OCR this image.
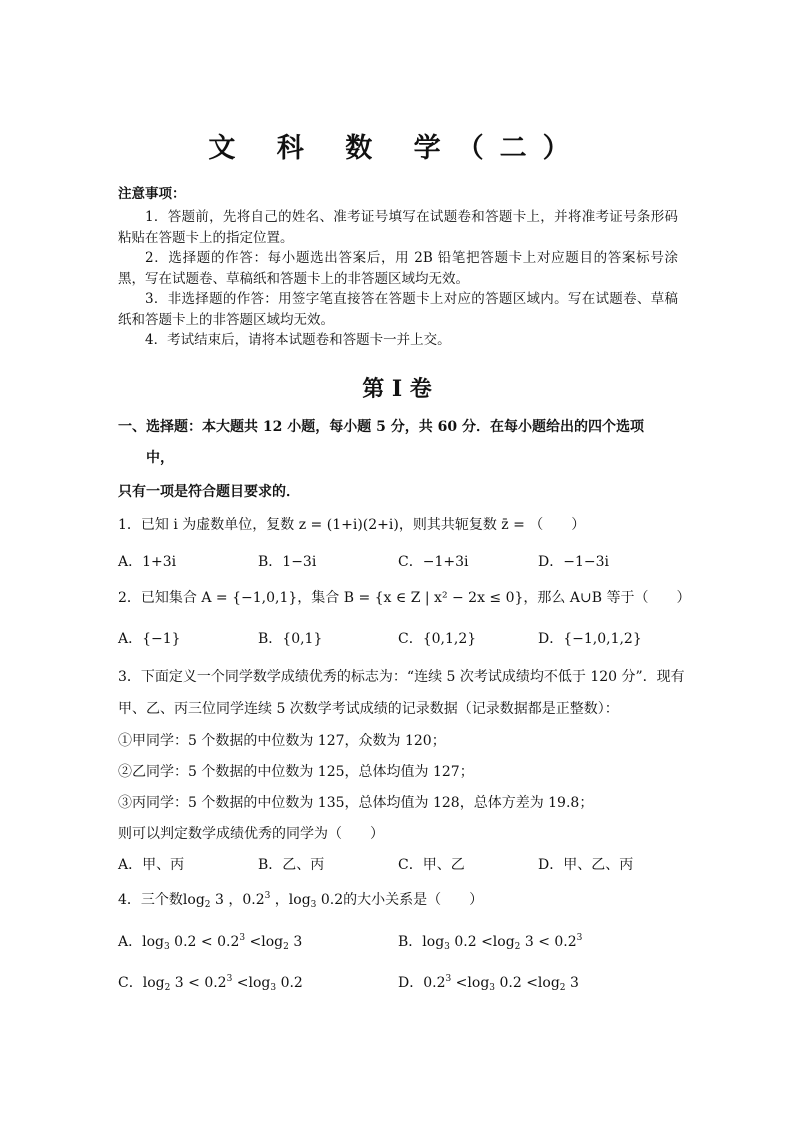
文 科 数 学（二）
注意事项：
1．答题前，先将自己的姓名、准考证号填写在试题卷和答题卡上，并将准考证号条形码粘贴在答题卡上的指定位置。
2．选择题的作答：每小题选出答案后，用 2B 铅笔把答题卡上对应题目的答案标号涂黑，写在试题卷、草稿纸和答题卡上的非答题区域均无效。
3．非选择题的作答：用签字笔直接答在答题卡上对应的答题区域内。写在试题卷、草稿纸和答题卡上的非答题区域均无效。
4．考试结束后，请将本试题卷和答题卡一并上交。
第 I 卷
一、选择题：本大题共 12 小题，每小题 5 分，共 60 分．在每小题给出的四个选项
中，
只有一项是符合题目要求的．
1．已知 i 为虚数单位，复数 z = (1+i)(2+i)，则其共轭复数 z̄ = （　　）
A．1+3i	B．1−3i	C．−1+3i	D．−1−3i
2．已知集合 A = {−1,0,1}，集合 B = {x ∈ Z | x² − 2x ≤ 0}，那么 A∪B 等于（　　）
A．{−1}	B．{0,1}	C．{0,1,2}	D．{−1,0,1,2}
3．下面定义一个同学数学成绩优秀的标志为：“连续 5 次考试成绩均不低于 120 分”．现有
甲、乙、丙三位同学连续 5 次数学考试成绩的记录数据（记录数据都是正整数）：
①甲同学：5 个数据的中位数为 127，众数为 120；
②乙同学：5 个数据的中位数为 125，总体均值为 127；
③丙同学：5 个数据的中位数为 135，总体均值为 128，总体方差为 19.8；
则可以判定数学成绩优秀的同学为（　　）
A．甲、丙	B．乙、丙	C．甲、乙	D．甲、乙、丙
4．三个数$\log_2 3$ ，$0.2^3$ ，$\log_3 0.2$的大小关系是（　　）
A．$\log_3 0.2 < 0.2^3 <\log_2$ 3	B．$\log_3 0.2 <\log_2$ $3 < 0.2^3$
C．$\log_2 3 < 0.2^3 <\log_3$ 0.2	D．$0.2^3 <\log_3$ $0.2 <\log_2$ 3
